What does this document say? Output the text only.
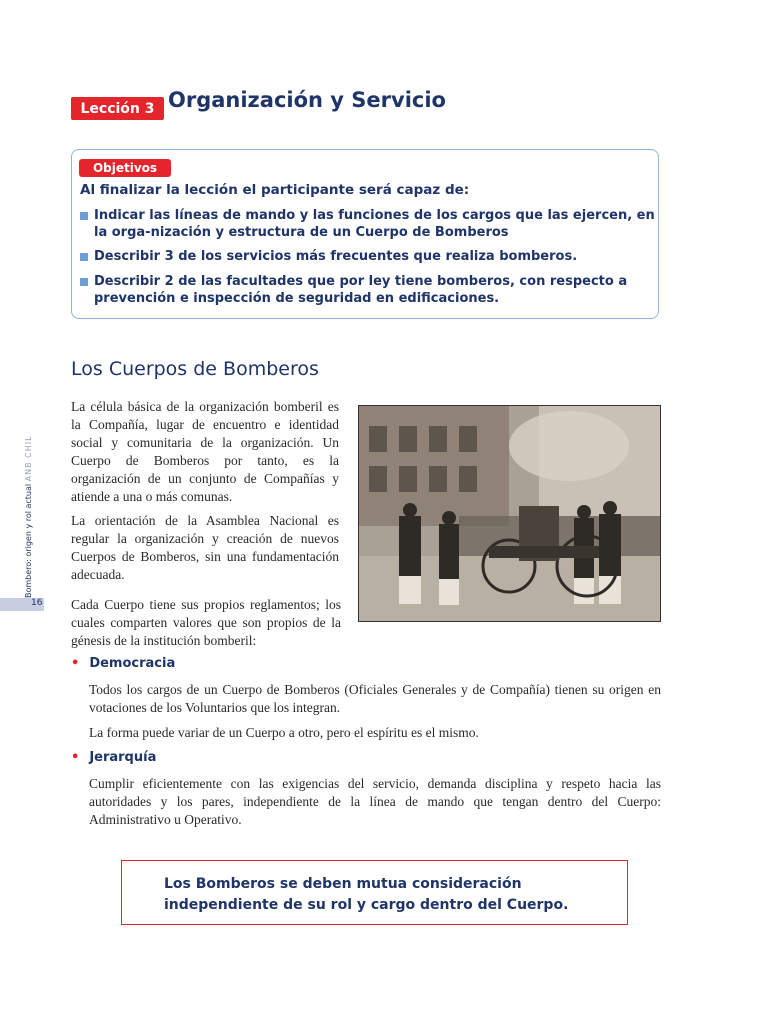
Lección 3 Organización y Servicio
Objetivos
Al finalizar la lección el participante será capaz de:
Indicar las líneas de mando y las funciones de los cargos que las ejercen, en la orga-nización y estructura de un Cuerpo de Bomberos
Describir 3 de los servicios más frecuentes que realiza bomberos.
Describir 2 de las facultades que por ley tiene bomberos, con respecto a prevención e inspección de seguridad en edificaciones.
Los Cuerpos de Bomberos

La célula básica de la organización bomberil es la Compañía, lugar de encuentro e identidad social y comunitaria de la organización. Un Cuerpo de Bomberos por tanto, es la organización de un conjunto de Compañías y atiende a una o más comunas.

La orientación de la Asamblea Nacional es regular la organización y creación de nuevos Cuerpos de Bomberos, sin una fundamentación adecuada.

Cada Cuerpo tiene sus propios reglamentos; los cuales comparten valores que son propios de la génesis de la institución bomberil:

• Democracia

Todos los cargos de un Cuerpo de Bomberos (Oficiales Generales y de Compañía) tienen su origen en votaciones de los Voluntarios que los integran.

La forma puede variar de un Cuerpo a otro, pero el espíritu es el mismo.

• Jerarquía

Cumplir eficientemente con las exigencias del servicio, demanda disciplina y respeto hacia las autoridades y los pares, independiente de la línea de mando que tengan dentro del Cuerpo: Administrativo u Operativo.

16
Bombero: origen y rol actual ANB CHIL
Los Bomberos se deben mutua consideración independiente de su rol y cargo dentro del Cuerpo.
